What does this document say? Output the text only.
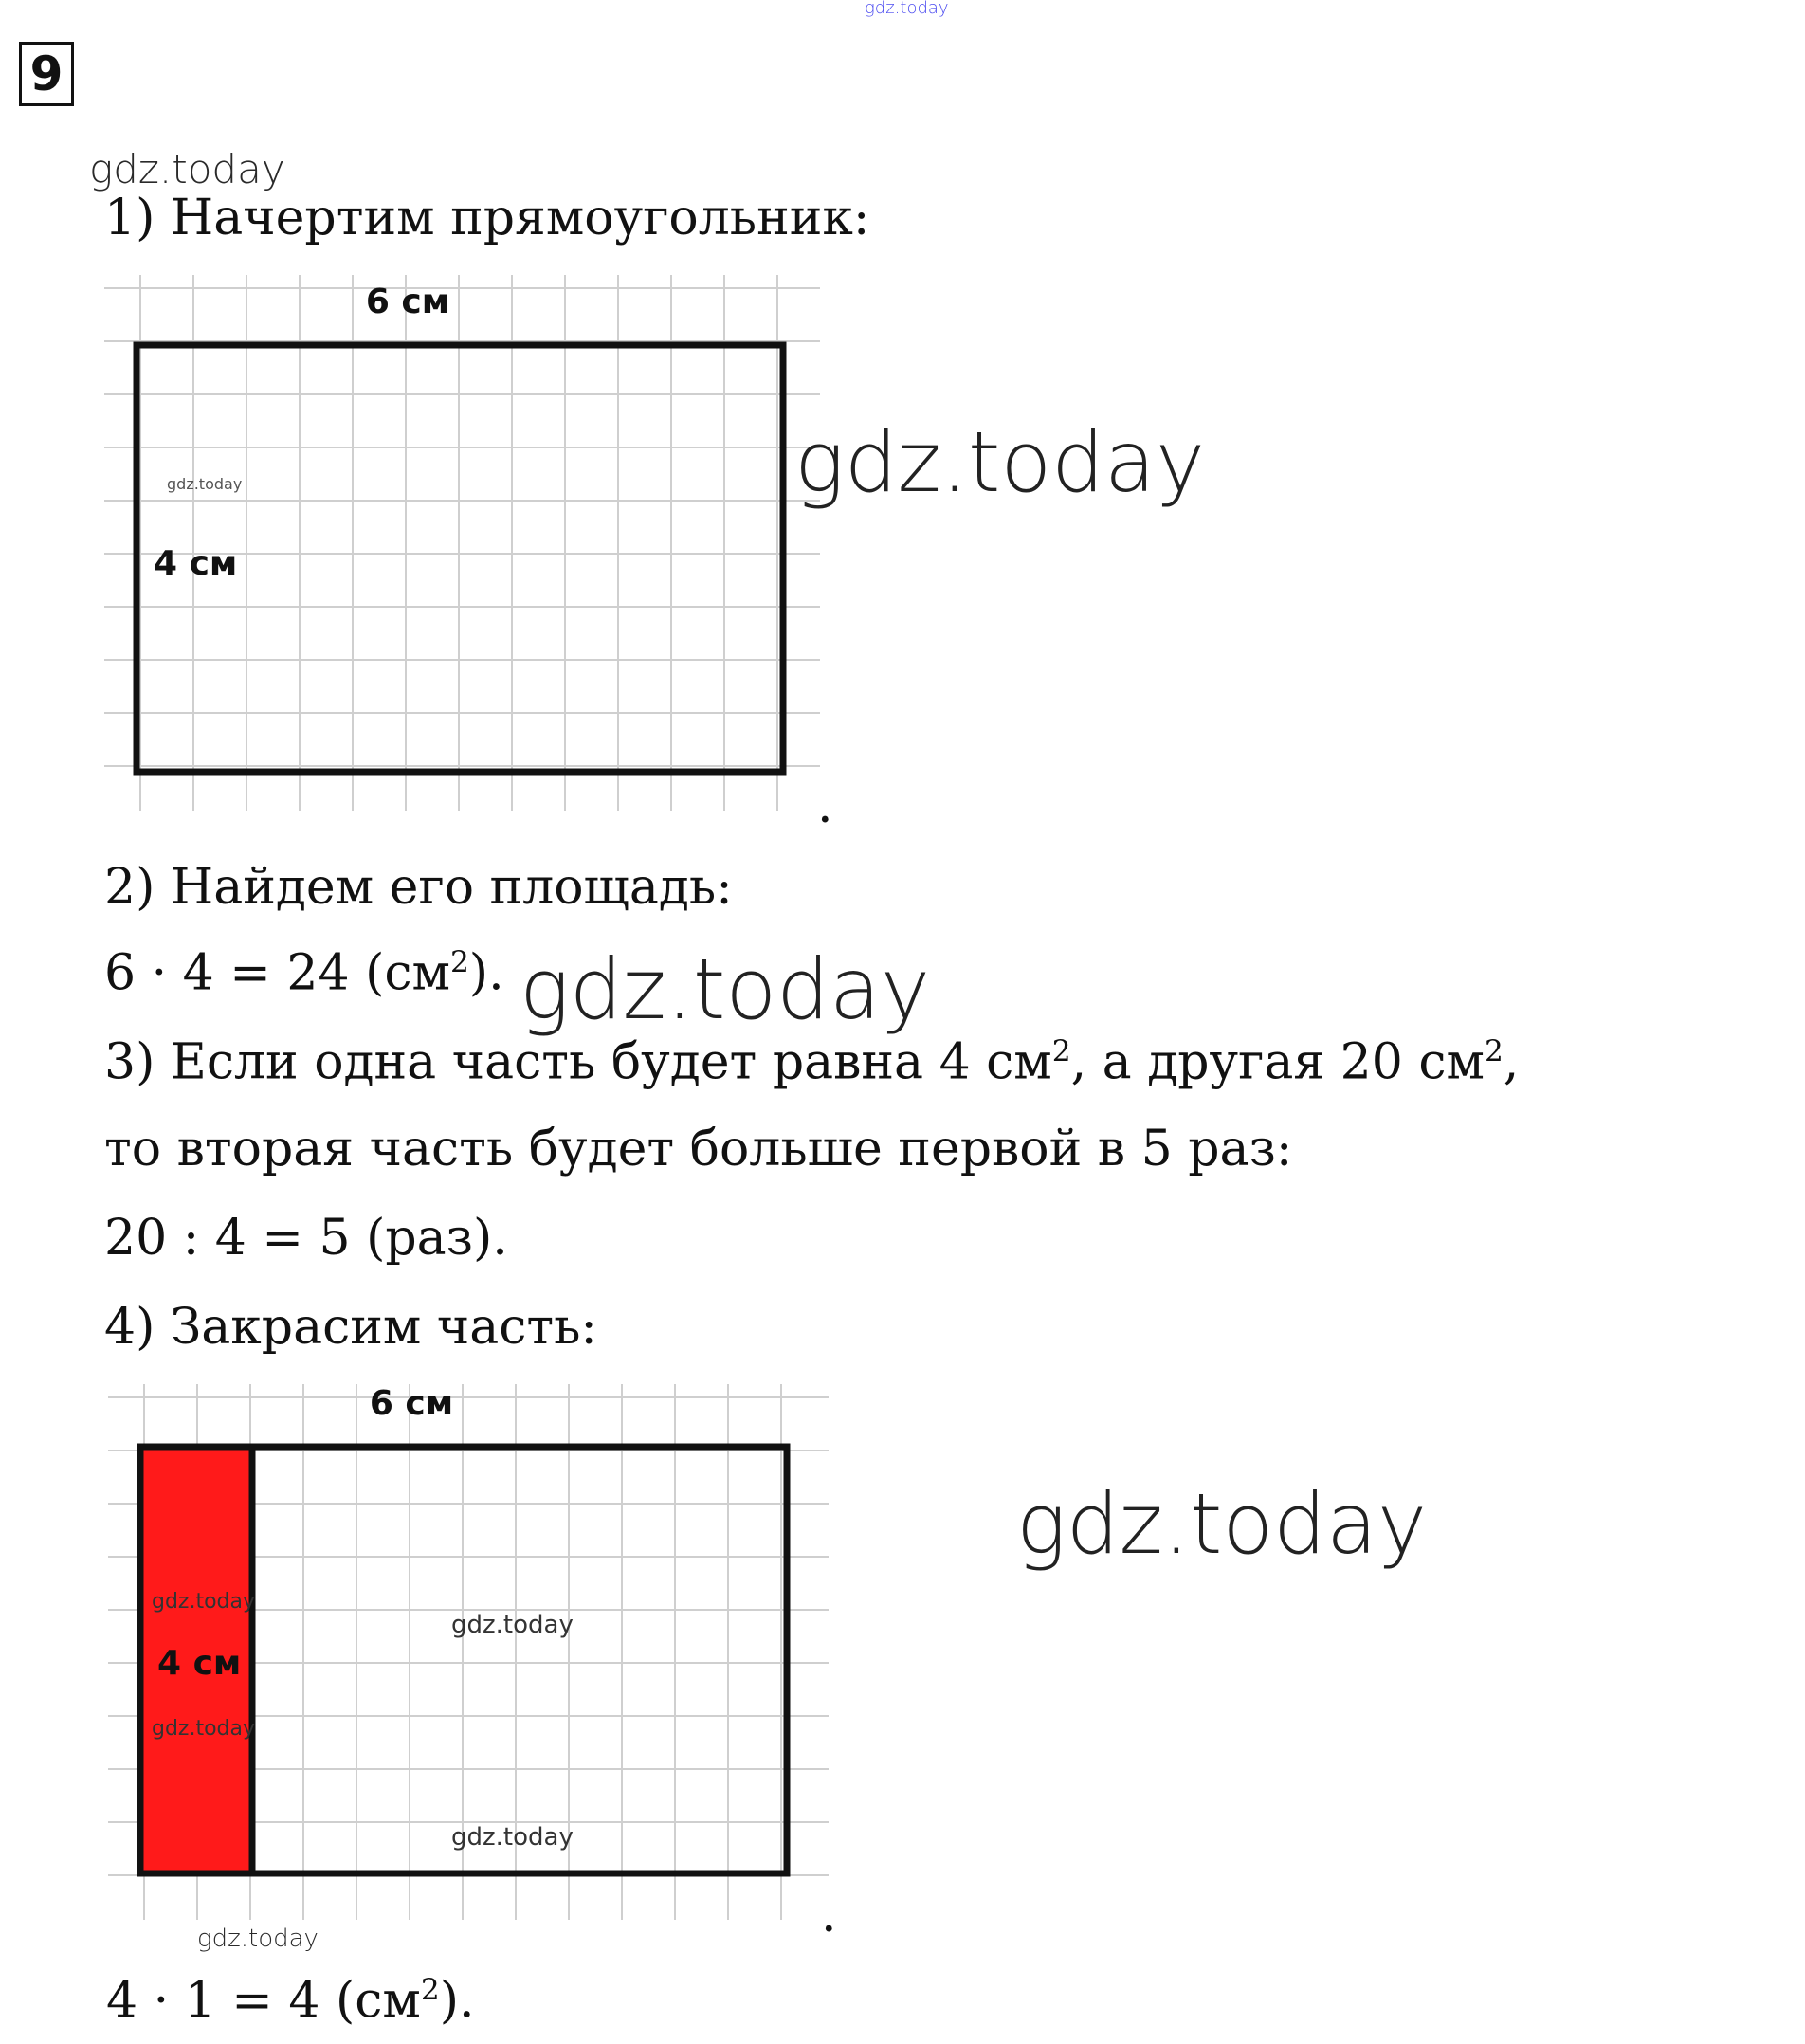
gdz.today
9
gdz.today
1) Начертим прямоугольник:
6 см
4 см
gdz.today
.
gdz.today
2) Найдем его площадь:
6 · 4 = 24 $(см^2)$. gdz.today
3) Если одна часть будет равна 4 $см^2$, а другая 20 $см^2$,
то вторая часть будет больше первой в 5 раз:
20 : 4 = 5 (раз).
4) Закрасим часть:
6 см
4 см
gdz.today
gdz.today
gdz.today
gdz.today
.
gdz.today
gdz.today
4 · 1 = 4 $(см^2)$.
